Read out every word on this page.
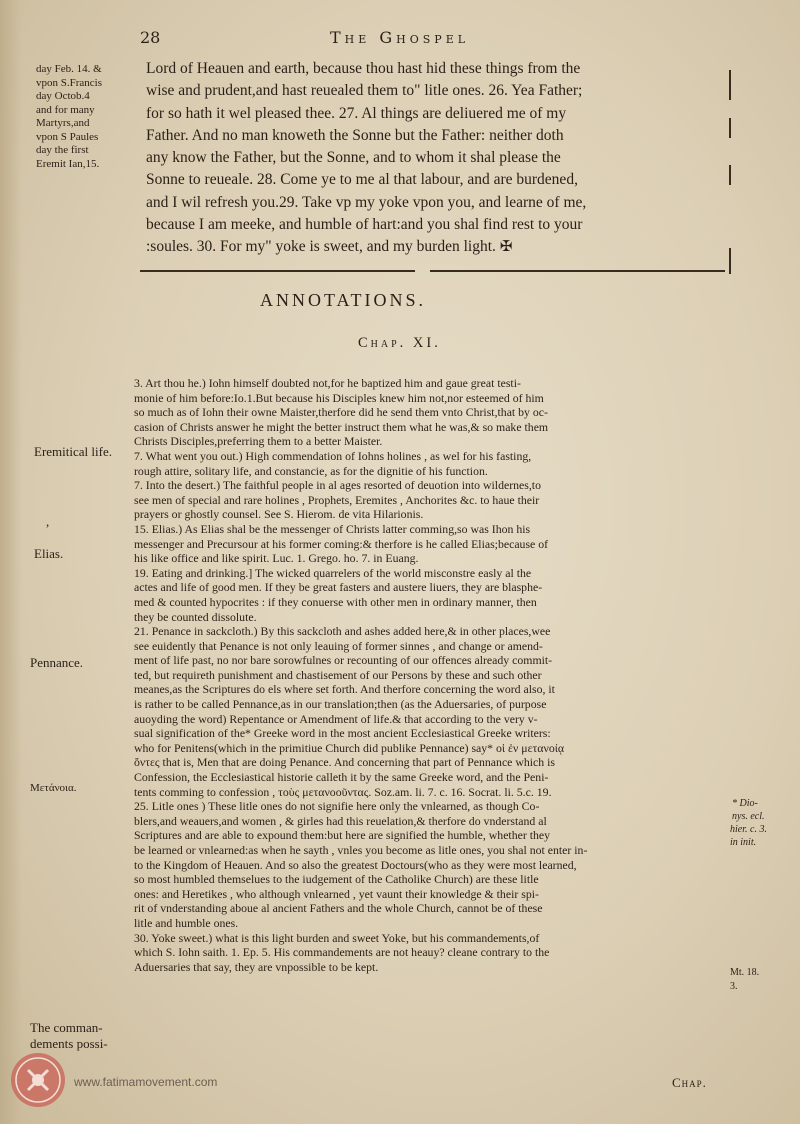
28	The Ghospel
day Feb. 14. &
vpon S.Francis
day Octob.4
and for many
Martyrs,and
vpon S Paules
day the first
Eremit Ian,15.
Lord of Heauen and earth, because thou hast hid these things from the
wise and prudent,and hast reuealed them to" litle ones. 26. Yea Father;
for so hath it wel pleased thee. 27. Al things are deliuered me of my
Father. And no man knoweth the Sonne but the Father: neither doth
any know the Father, but the Sonne, and to whom it shal please the
Sonne to reueale. 28. Come ye to me al that labour, and are burdened,
and I wil refresh you.29. Take vp my yoke vpon you, and learne of me,
because I am meeke, and humble of hart:and you shal find rest to your
:soules. 30. For my" yoke is sweet, and my burden light. ✠
ANNOTATIONS.
Chap. XI.
3. Art thou he.) Iohn himself doubted not,for he baptized him and gaue great testi-
monie of him before:Io.1.But because his Disciples knew him not,nor esteemed of him
so much as of Iohn their owne Maister,therfore did he send them vnto Christ,that by oc-
casion of Christs answer he might the better instruct them what he was,& so make them
Christs Disciples,preferring them to a better Maister.
7. What went you out.) High commendation of Iohns holines , as wel for his fasting,
rough attire, solitary life, and constancie, as for the dignitie of his function.
7. Into the desert.) The faithful people in al ages resorted of deuotion into wildernes,to
see men of special and rare holines , Prophets, Eremites , Anchorites &c. to haue their
prayers or ghostly counsel. See S. Hierom. de vita Hilarionis.
15. Elias.) As Elias shal be the messenger of Christs latter comming,so was Ihon his
messenger and Precursour at his former coming:& therfore is he called Elias;because of
his like office and like spirit. Luc. 1. Grego. ho. 7. in Euang.
19. Eating and drinking.] The wicked quarrelers of the world misconstre easly al the
actes and life of good men. If they be great fasters and austere liuers, they are blasphe-
med & counted hypocrites : if they conuerse with other men in ordinary manner, then
they be counted dissolute.
21. Penance in sackcloth.) By this sackcloth and ashes added here,& in other places,wee
see euidently that Penance is not only leauing of former sinnes , and change or amend-
ment of life past, no nor bare sorowfulnes or recounting of our offences already commit-
ted, but requireth punishment and chastisement of our Persons by these and such other
meanes,as the Scriptures do els where set forth. And therfore concerning the word also, it
is rather to be called Pennance,as in our translation;then (as the Aduersaries, of purpose
auoyding the word) Repentance or Amendment of life.& that according to the very v-
sual signification of the* Greeke word in the most ancient Ecclesiastical Greeke writers:
who for Penitens(which in the primitiue Church did publike Pennance) say* οἱ ἐν μετανοίᾳ
ὄντες that is, Men that are doing Penance. And concerning that part of Pennance which is
Confession, the Ecclesiastical historie calleth it by the same Greeke word, and the Peni-
tents comming to confession , τοὺς μετανοοῦντας. Soz.am. li. 7. c. 16. Socrat. li. 5.c. 19.
25. Litle ones ) These litle ones do not signifie here only the vnlearned, as though Co-
blers,and weauers,and women , & girles had this reuelation,& therfore do vnderstand al
Scriptures and are able to expound them:but here are signified the humble, whether they
be learned or vnlearned:as when he sayth , vnles you become as litle ones, you shal not enter in-
to the Kingdom of Heauen. And so also the greatest Doctours(who as they were most learned,
so most humbled themselues to the iudgement of the Catholike Church) are these litle
ones: and Heretikes , who although vnlearned , yet vaunt their knowledge & their spi-
rit of vnderstanding aboue al ancient Fathers and the whole Church, cannot be of these
litle and humble ones.
30. Yoke sweet.) what is this light burden and sweet Yoke, but his commandements,of
which S. Iohn saith. 1. Ep. 5. His commandements are not heauy? cleane contrary to the
Aduersaries that say, they are vnpossible to be kept.
Eremitical life.
,
Elias.
Pennance.
Μετάνοια.
The comman-
dements possi-
* Dio-
nys. ecl.
hier. c. 3.
in init.
Mt. 18.
3.
www.fatimamovement.com	Chap.
